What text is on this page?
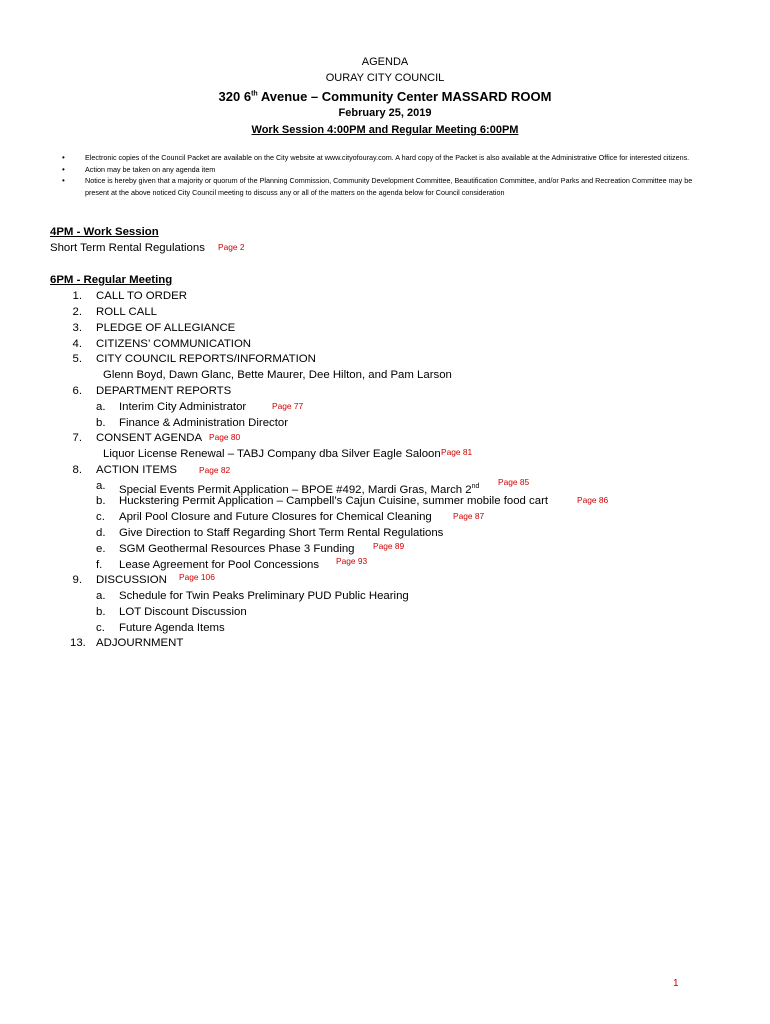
AGENDA
OURAY CITY COUNCIL
320 6th Avenue – Community Center MASSARD ROOM
February 25, 2019
Work Session 4:00PM and Regular Meeting 6:00PM
• Electronic copies of the Council Packet are available on the City website at www.cityofouray.com. A hard copy of the Packet is also available at the Administrative Office for interested citizens.
• Action may be taken on any agenda item
• Notice is hereby given that a majority or quorum of the Planning Commission, Community Development Committee, Beautification Committee, and/or Parks and Recreation Committee may be present at the above noticed City Council meeting to discuss any or all of the matters on the agenda below for Council consideration
4PM - Work Session
Short Term Rental Regulations Page 2
6PM - Regular Meeting
1. CALL TO ORDER
2. ROLL CALL
3. PLEDGE OF ALLEGIANCE
4. CITIZENS’ COMMUNICATION
5. CITY COUNCIL REPORTS/INFORMATION
Glenn Boyd, Dawn Glanc, Bette Maurer, Dee Hilton, and Pam Larson
6. DEPARTMENT REPORTS
a. Interim City Administrator	Page 77
b. Finance & Administration Director
7. CONSENT AGENDA Page 80
Liquor License Renewal – TABJ Company dba Silver Eagle Saloon Page 81
8. ACTION ITEMS	Page 82
a. Special Events Permit Application – BPOE #492, Mardi Gras, March 2nd Page 85
b. Huckstering Permit Application – Campbell’s Cajun Cuisine, summer mobile food cart	Page 86
c. April Pool Closure and Future Closures for Chemical Cleaning	Page 87
d. Give Direction to Staff Regarding Short Term Rental Regulations
e. SGM Geothermal Resources Phase 3 Funding Page 89
f. Lease Agreement for Pool Concessions Page 93
9. DISCUSSION Page 106
a. Schedule for Twin Peaks Preliminary PUD Public Hearing
b. LOT Discount Discussion
c. Future Agenda Items
13. ADJOURNMENT
1
